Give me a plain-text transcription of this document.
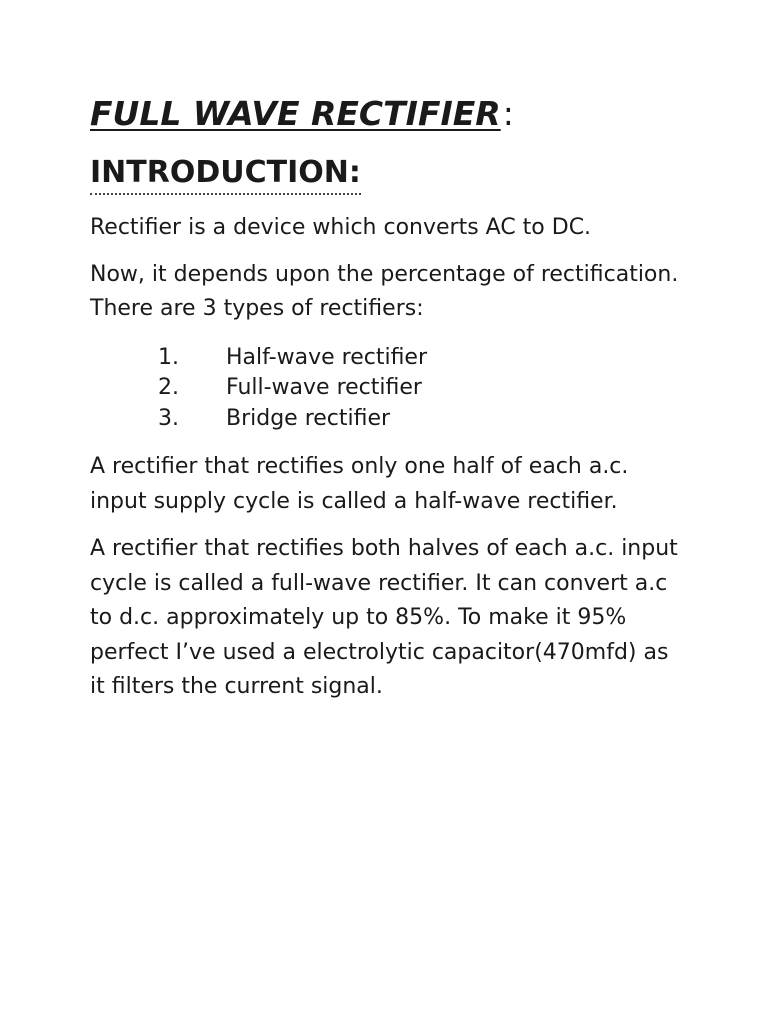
FULL WAVE RECTIFIER:
INTRODUCTION:

Rectifier is a device which converts AC to DC.

Now, it depends upon the percentage of rectification. There are 3 types of rectifiers:

1.	Half-wave rectifier
2.	Full-wave rectifier
3.	Bridge rectifier

A rectifier that rectifies only one half of each a.c. input supply cycle is called a half-wave rectifier.

A rectifier that rectifies both halves of each a.c. input cycle is called a full-wave rectifier. It can convert a.c to d.c. approximately up to 85%. To make it 95% perfect I’ve used a electrolytic capacitor(470mfd) as it filters the current signal.
